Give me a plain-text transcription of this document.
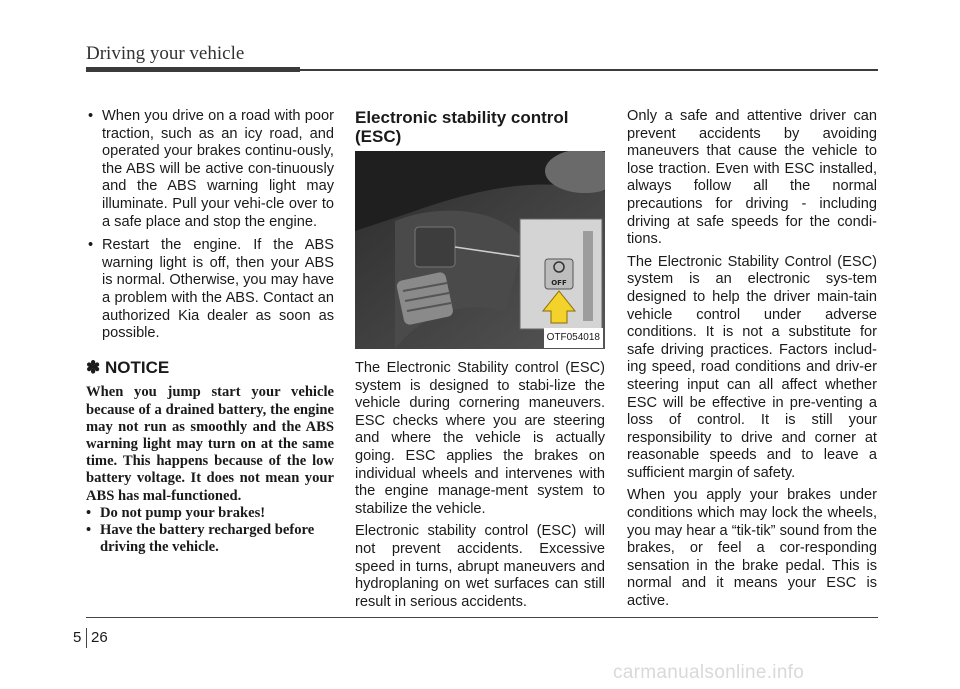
Driving your vehicle
• When you drive on a road with poor traction, such as an icy road, and operated your brakes continu-ously, the ABS will be active con-tinuously and the ABS warning light may illuminate. Pull your vehi-cle over to a safe place and stop the engine.
• Restart the engine. If the ABS warning light is off, then your ABS is normal. Otherwise, you may have a problem with the ABS. Contact an authorized Kia dealer as soon as possible.
✽ NOTICE

When you jump start your vehicle because of a drained battery, the engine may not run as smoothly and the ABS warning light may turn on at the same time. This happens because of the low battery voltage. It does not mean your ABS has mal-functioned.

• Do not pump your brakes!
• Have the battery recharged before driving the vehicle.
Electronic stability control (ESC)
OFF
OTF054018

The Electronic Stability control (ESC) system is designed to stabi-lize the vehicle during cornering maneuvers. ESC checks where you are steering and where the vehicle is actually going. ESC applies the brakes on individual wheels and intervenes with the engine manage-ment system to stabilize the vehicle.

Electronic stability control (ESC) will not prevent accidents. Excessive speed in turns, abrupt maneuvers and hydroplaning on wet surfaces can still result in serious accidents.

Only a safe and attentive driver can prevent accidents by avoiding maneuvers that cause the vehicle to lose traction. Even with ESC installed, always follow all the normal precautions for driving - including driving at safe speeds for the condi-tions.

The Electronic Stability Control (ESC) system is an electronic sys-tem designed to help the driver main-tain vehicle control under adverse conditions. It is not a substitute for safe driving practices. Factors includ-ing speed, road conditions and driv-er steering input can all affect whether ESC will be effective in pre-venting a loss of control. It is still your responsibility to drive and corner at reasonable speeds and to leave a sufficient margin of safety.

When you apply your brakes under conditions which may lock the wheels, you may hear a “tik-tik” sound from the brakes, or feel a cor-responding sensation in the brake pedal. This is normal and it means your ESC is active.

5 26
carmanualsonline.info
